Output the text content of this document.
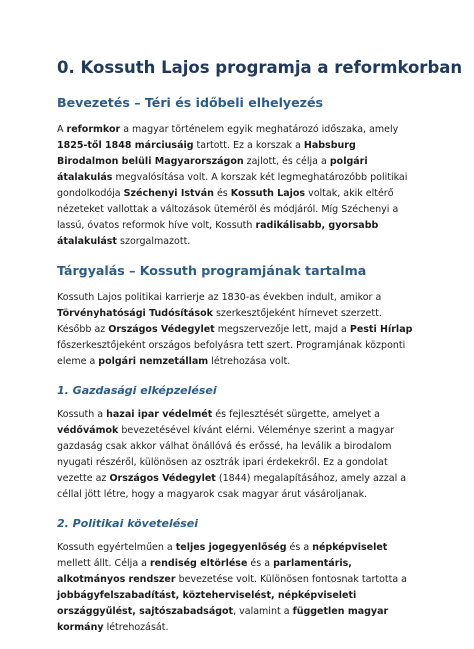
0. Kossuth Lajos programja a reformkorban
Bevezetés – Téri és időbeli elhelyezés
A reformkor a magyar történelem egyik meghatározó időszaka, amely
1825-től 1848 márciusáig tartott. Ez a korszak a Habsburg
Birodalmon belüli Magyarországon zajlott, és célja a polgári
átalakulás megvalósítása volt. A korszak két legmeghatározóbb politikai
gondolkodója Széchenyi István és Kossuth Lajos voltak, akik eltérő
nézeteket vallottak a változások ütemérõl és módjáról. Míg Széchenyi a
lassú, óvatos reformok híve volt, Kossuth radikálisabb, gyorsabb
átalakulást szorgalmazott.
Tárgyalás – Kossuth programjának tartalma
Kossuth Lajos politikai karrierje az 1830-as években indult, amikor a
Törvényhatósági Tudósítások szerkesztőjeként hírnevet szerzett.
Később az Országos Védegylet megszervezője lett, majd a Pesti Hírlap
főszerkesztőjeként országos befolyásra tett szert. Programjának központi
eleme a polgári nemzetállam létrehozása volt.
1. Gazdasági elképzelései
Kossuth a hazai ipar védelmét és fejlesztését sürgette, amelyet a
védővámok bevezetésével kívánt elérni. Véleménye szerint a magyar
gazdaság csak akkor válhat önállóvá és erőssé, ha leválik a birodalom
nyugati részéről, különösen az osztrák ipari érdekekről. Ez a gondolat
vezette az Országos Védegylet (1844) megalapításához, amely azzal a
céllal jött létre, hogy a magyarok csak magyar árut vásároljanak.
2. Politikai követelései
Kossuth egyértelműen a teljes jogegyenlőség és a népképviselet
mellett állt. Célja a rendiség eltörlése és a parlamentáris,
alkotmányos rendszer bevezetése volt. Különösen fontosnak tartotta a
jobbágyfelszabadítást, közteherviselést, népképviseleti
országgyűlést, sajtószabadságot, valamint a független magyar
kormány létrehozását.
